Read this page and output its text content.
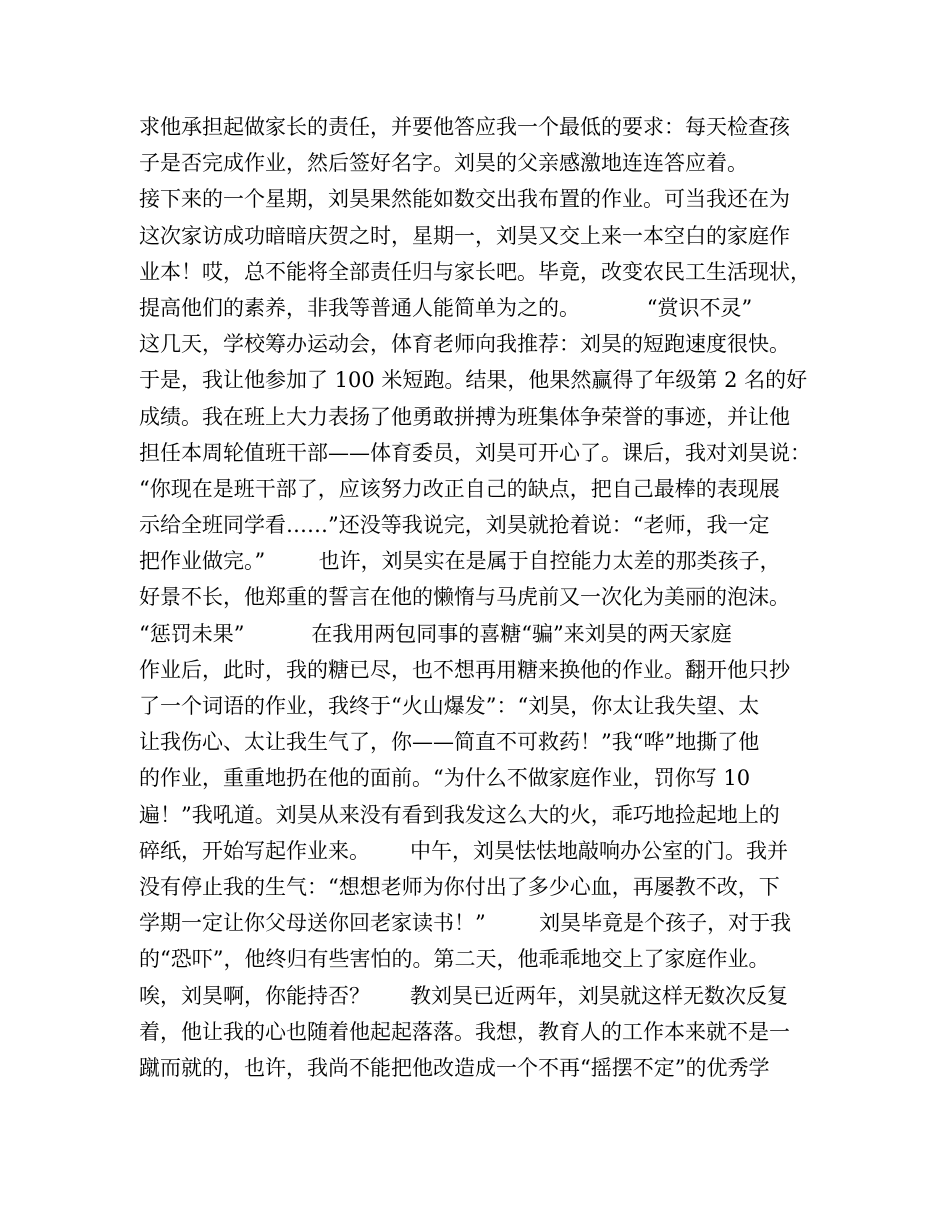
求他承担起做家长的责任，并要他答应我一个最低的要求：每天检查孩
子是否完成作业，然后签好名字。刘昊的父亲感激地连连答应着。
接下来的一个星期，刘昊果然能如数交出我布置的作业。可当我还在为
这次家访成功暗暗庆贺之时，星期一，刘昊又交上来一本空白的家庭作
业本！哎，总不能将全部责任归与家长吧。毕竟，改变农民工生活现状，
提高他们的素养，非我等普通人能简单为之的。          “赏识不灵”
这几天，学校筹办运动会，体育老师向我推荐：刘昊的短跑速度很快。
于是，我让他参加了 100 米短跑。结果，他果然赢得了年级第 2 名的好
成绩。我在班上大力表扬了他勇敢拼搏为班集体争荣誉的事迹，并让他
担任本周轮值班干部——体育委员，刘昊可开心了。课后，我对刘昊说：
“你现在是班干部了，应该努力改正自己的缺点，把自己最棒的表现展
示给全班同学看……”还没等我说完，刘昊就抢着说：“老师，我一定
把作业做完。”        也许，刘昊实在是属于自控能力太差的那类孩子，
好景不长，他郑重的誓言在他的懒惰与马虎前又一次化为美丽的泡沫。
“惩罚未果”          在我用两包同事的喜糖“骗”来刘昊的两天家庭
作业后，此时，我的糖已尽，也不想再用糖来换他的作业。翻开他只抄
了一个词语的作业，我终于“火山爆发”：“刘昊，你太让我失望、太
让我伤心、太让我生气了，你——简直不可救药！”我“哗”地撕了他
的作业，重重地扔在他的面前。“为什么不做家庭作业，罚你写 10
遍！”我吼道。刘昊从来没有看到我发这么大的火，乖巧地捡起地上的
碎纸，开始写起作业来。      中午，刘昊怯怯地敲响办公室的门。我并
没有停止我的生气：“想想老师为你付出了多少心血，再屡教不改，下
学期一定让你父母送你回老家读书！”        刘昊毕竟是个孩子，对于我
的“恐吓”，他终归有些害怕的。第二天，他乖乖地交上了家庭作业。
唉，刘昊啊，你能持否？      教刘昊已近两年，刘昊就这样无数次反复
着，他让我的心也随着他起起落落。我想，教育人的工作本来就不是一
蹴而就的，也许，我尚不能把他改造成一个不再“摇摆不定”的优秀学
